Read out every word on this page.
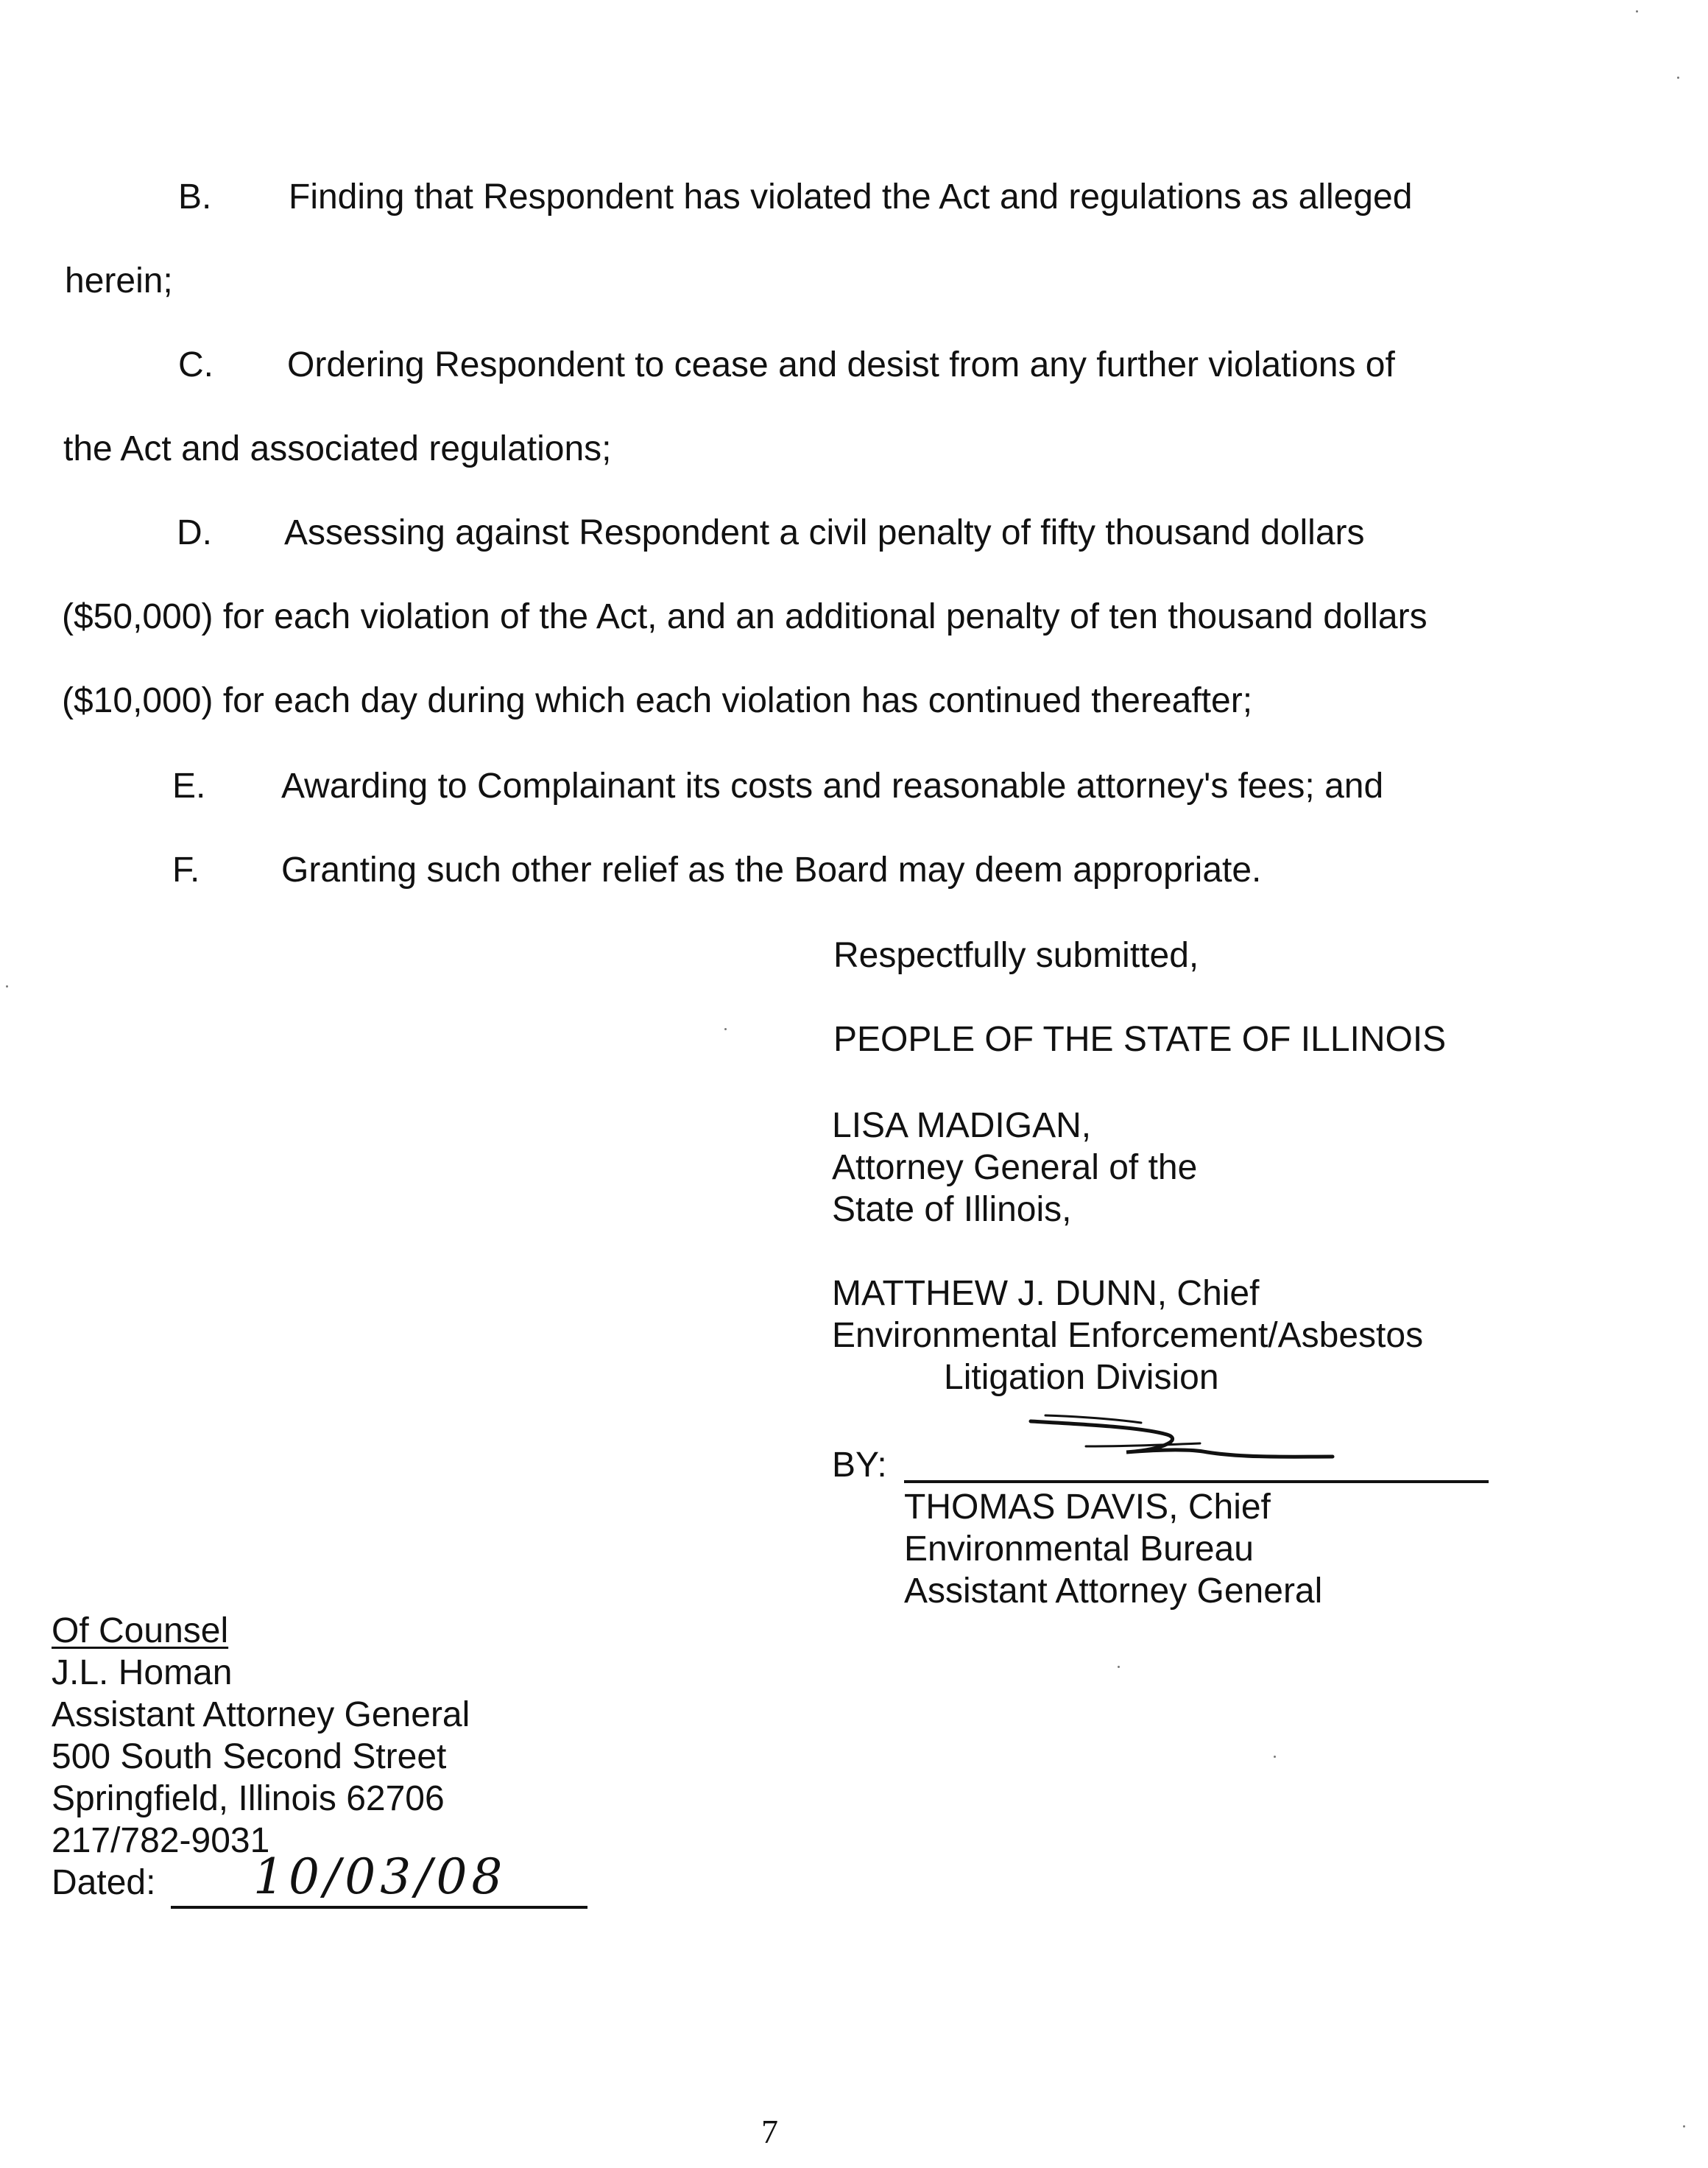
B. Finding that Respondent has violated the Act and regulations as alleged
herein;
C. Ordering Respondent to cease and desist from any further violations of
the Act and associated regulations;
D. Assessing against Respondent a civil penalty of fifty thousand dollars
($50,000) for each violation of the Act, and an additional penalty of ten thousand dollars
($10,000) for each day during which each violation has continued thereafter;
E. Awarding to Complainant its costs and reasonable attorney's fees; and
F. Granting such other relief as the Board may deem appropriate.
Respectfully submitted,
PEOPLE OF THE STATE OF ILLINOIS
LISA MADIGAN,
Attorney General of the
State of Illinois,
MATTHEW J. DUNN, Chief
Environmental Enforcement/Asbestos
Litigation Division
BY:
THOMAS DAVIS, Chief
Environmental Bureau
Assistant Attorney General
Of Counsel
J.L. Homan
Assistant Attorney General
500 South Second Street
Springfield, Illinois 62706
217/782-9031
Dated:	10/03/08
7
